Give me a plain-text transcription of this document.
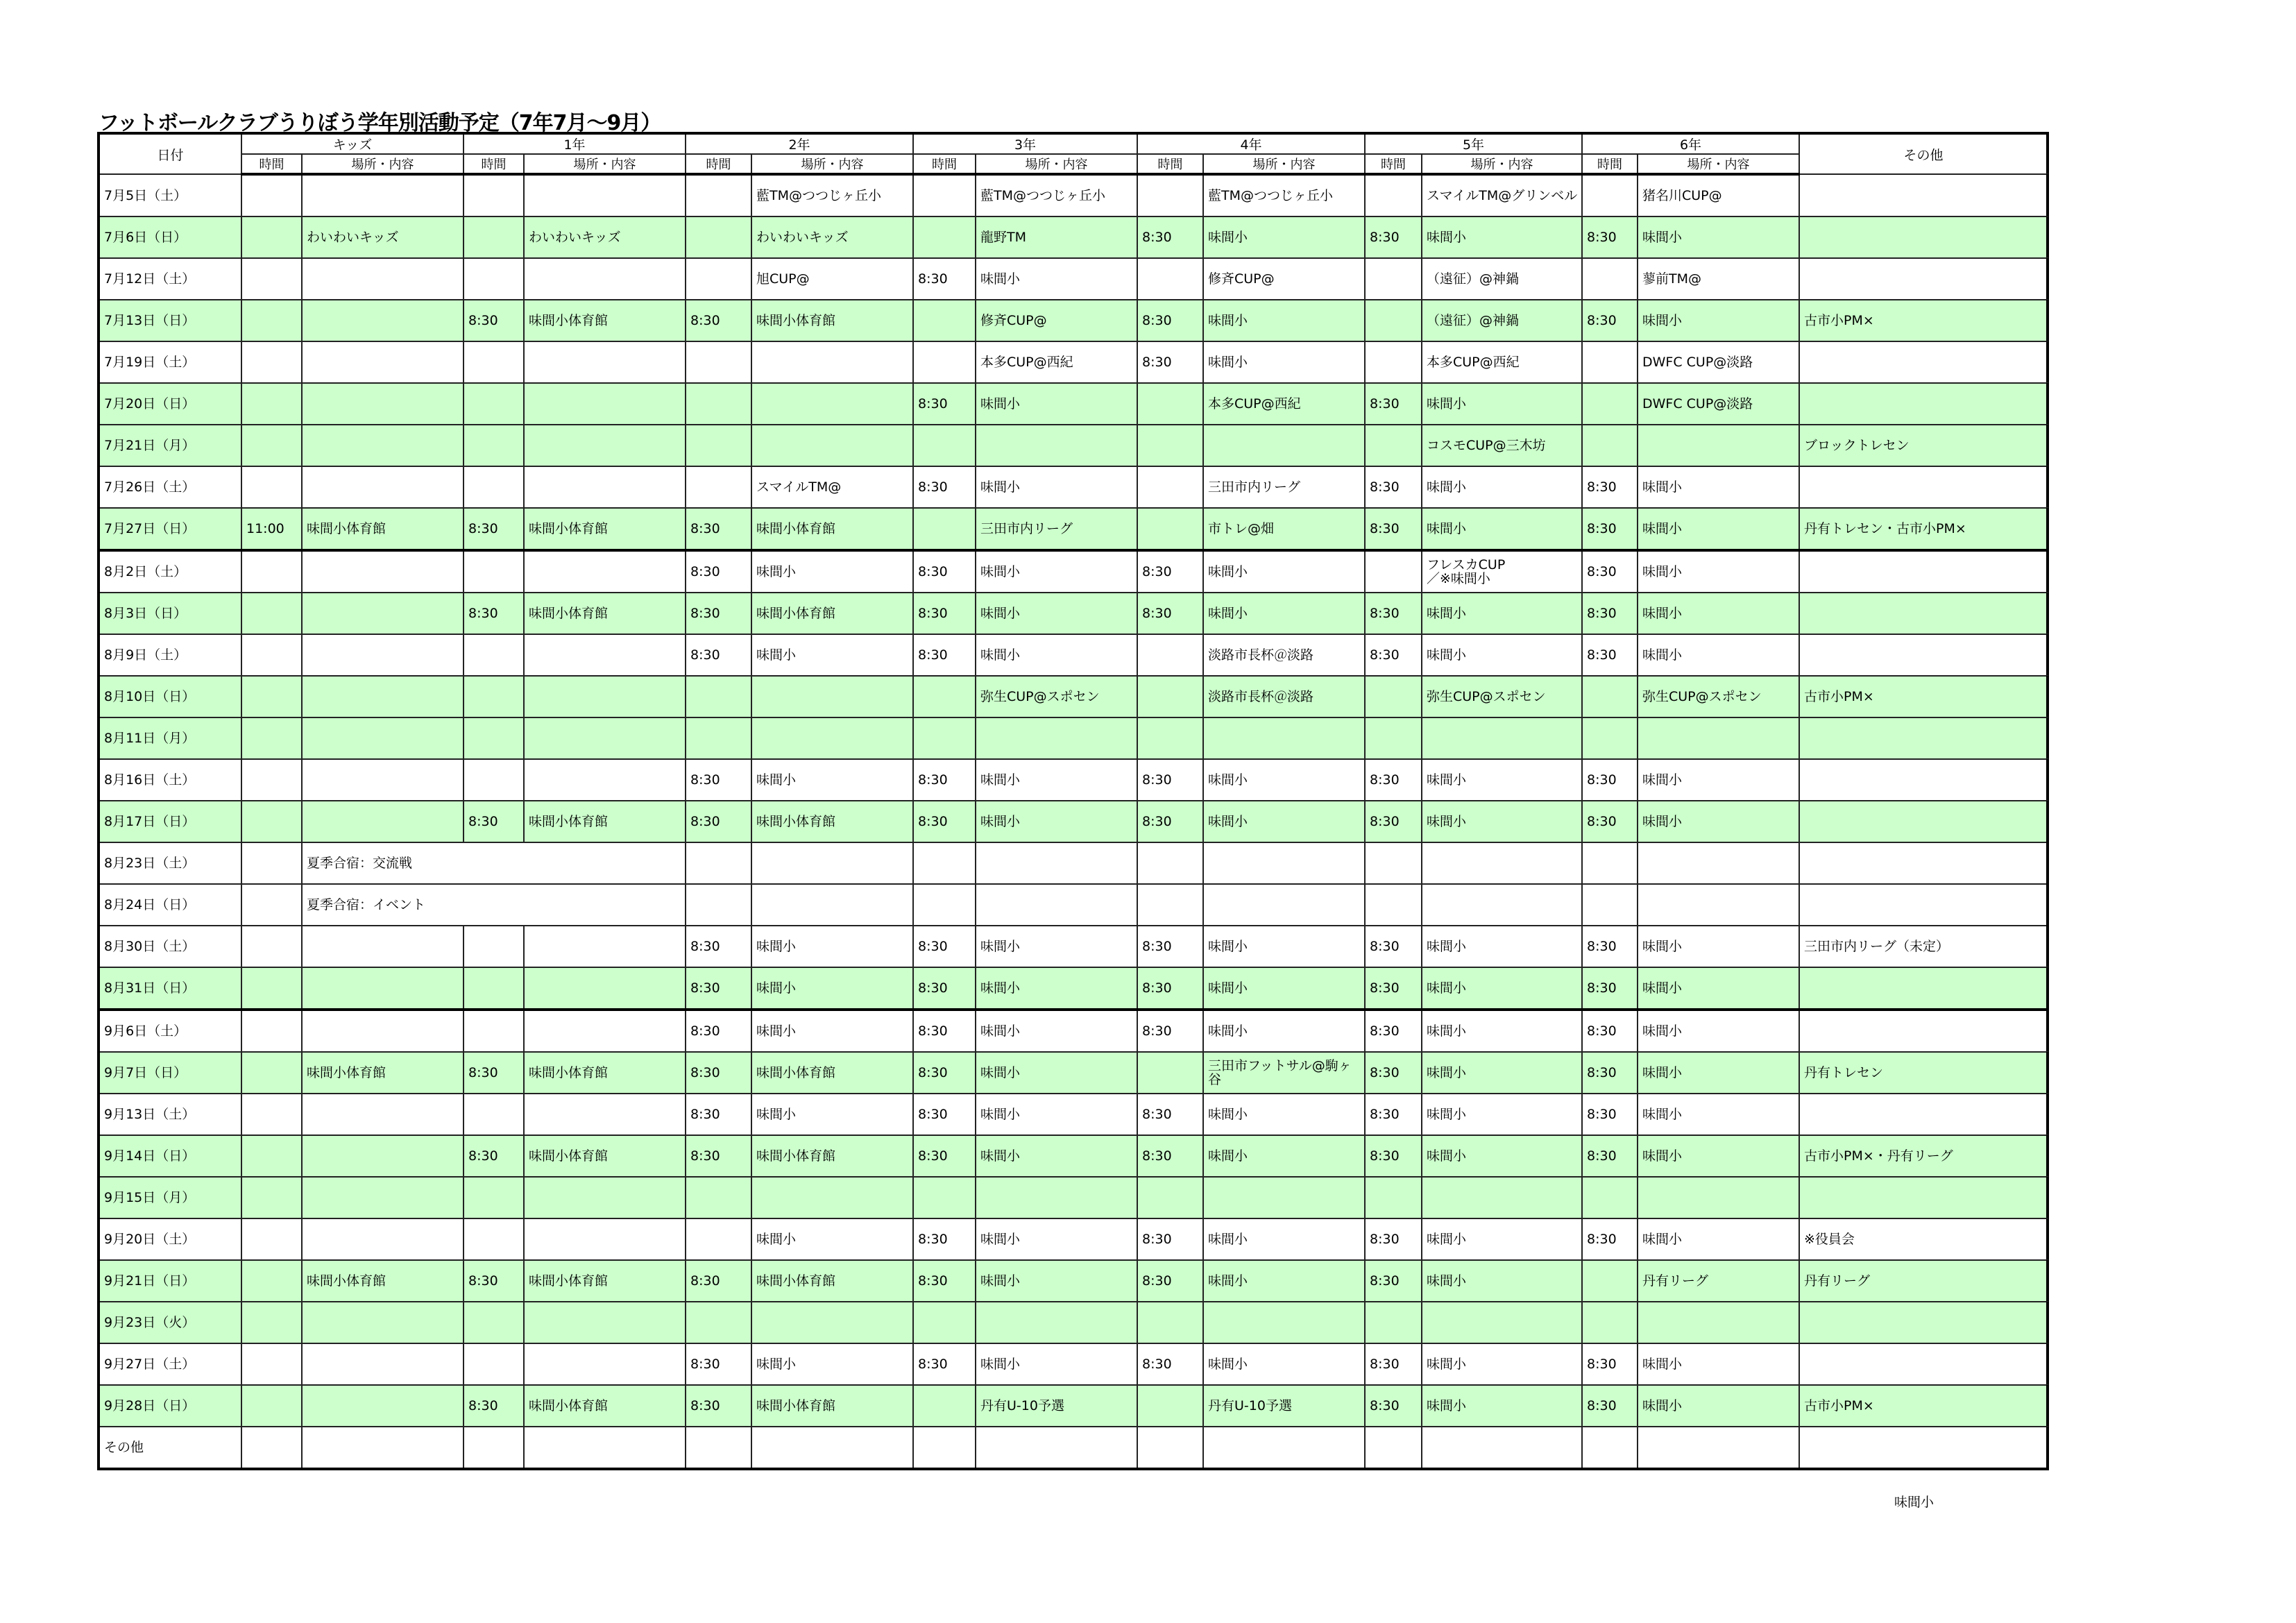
フットボールクラブうりぼう学年別活動予定（7年7月～9月）
日付	キッズ		1年		2年		3年		4年		5年		6年		その他	
	時間	場所・内容	時間	場所・内容	時間	場所・内容	時間	場所・内容	時間	場所・内容	時間	場所・内容	時間	場所・内容		
7月5日（土）						藍TM@つつじヶ丘小		藍TM@つつじヶ丘小		藍TM@つつじヶ丘小		スマイルTM@グリンベル		猪名川CUP@		
7月6日（日）		わいわいキッズ		わいわいキッズ		わいわいキッズ		龍野TM	8:30	味間小	8:30	味間小	8:30	味間小		
7月12日（土）						旭CUP@	8:30	味間小		修斉CUP@		（遠征）@神鍋		蓼前TM@		
7月13日（日）			8:30	味間小体育館	8:30	味間小体育館		修斉CUP@	8:30	味間小		（遠征）@神鍋	8:30	味間小	古市小PM×	
7月19日（土）								本多CUP@西紀	8:30	味間小		本多CUP@西紀		DWFC CUP@淡路		
7月20日（日）							8:30	味間小		本多CUP@西紀	8:30	味間小		DWFC CUP@淡路		
7月21日（月）												コスモCUP@三木坊			ブロックトレセン	
7月26日（土）						スマイルTM@	8:30	味間小		三田市内リーグ	8:30	味間小	8:30	味間小		
7月27日（日）	11:00	味間小体育館	8:30	味間小体育館	8:30	味間小体育館		三田市内リーグ		市トレ@畑	8:30	味間小	8:30	味間小	丹有トレセン・古市小PM×	
8月2日（土）					8:30	味間小	8:30	味間小	8:30	味間小		フレスカCUP
／※味間小	8:30	味間小		
8月3日（日）			8:30	味間小体育館	8:30	味間小体育館	8:30	味間小	8:30	味間小	8:30	味間小	8:30	味間小		
8月9日（土）					8:30	味間小	8:30	味間小		淡路市長杯＠淡路	8:30	味間小	8:30	味間小		
8月10日（日）								弥生CUP@スポセン		淡路市長杯＠淡路		弥生CUP@スポセン		弥生CUP@スポセン	古市小PM×	
8月11日（月）																
8月16日（土）					8:30	味間小	8:30	味間小	8:30	味間小	8:30	味間小	8:30	味間小		
8月17日（日）			8:30	味間小体育館	8:30	味間小体育館	8:30	味間小	8:30	味間小	8:30	味間小	8:30	味間小		
8月23日（土）		夏季合宿：交流戦												
8月24日（日）		夏季合宿：イベント												
8月30日（土）					8:30	味間小	8:30	味間小	8:30	味間小	8:30	味間小	8:30	味間小	三田市内リーグ（未定）	
8月31日（日）					8:30	味間小	8:30	味間小	8:30	味間小	8:30	味間小	8:30	味間小		
9月6日（土）					8:30	味間小	8:30	味間小	8:30	味間小	8:30	味間小	8:30	味間小		
9月7日（日）		味間小体育館	8:30	味間小体育館	8:30	味間小体育館	8:30	味間小		三田市フットサル@駒ヶ
谷	8:30	味間小	8:30	味間小	丹有トレセン	
9月13日（土）					8:30	味間小	8:30	味間小	8:30	味間小	8:30	味間小	8:30	味間小		
9月14日（日）			8:30	味間小体育館	8:30	味間小体育館	8:30	味間小	8:30	味間小	8:30	味間小	8:30	味間小	古市小PM×・丹有リーグ	
9月15日（月）																
9月20日（土）						味間小	8:30	味間小	8:30	味間小	8:30	味間小	8:30	味間小	※役員会	
9月21日（日）		味間小体育館	8:30	味間小体育館	8:30	味間小体育館	8:30	味間小	8:30	味間小	8:30	味間小		丹有リーグ	丹有リーグ	
9月23日（火）																
9月27日（土）					8:30	味間小	8:30	味間小	8:30	味間小	8:30	味間小	8:30	味間小		
9月28日（日）			8:30	味間小体育館	8:30	味間小体育館		丹有U-10予選		丹有U-10予選	8:30	味間小	8:30	味間小	古市小PM×	
その他																
味間小
